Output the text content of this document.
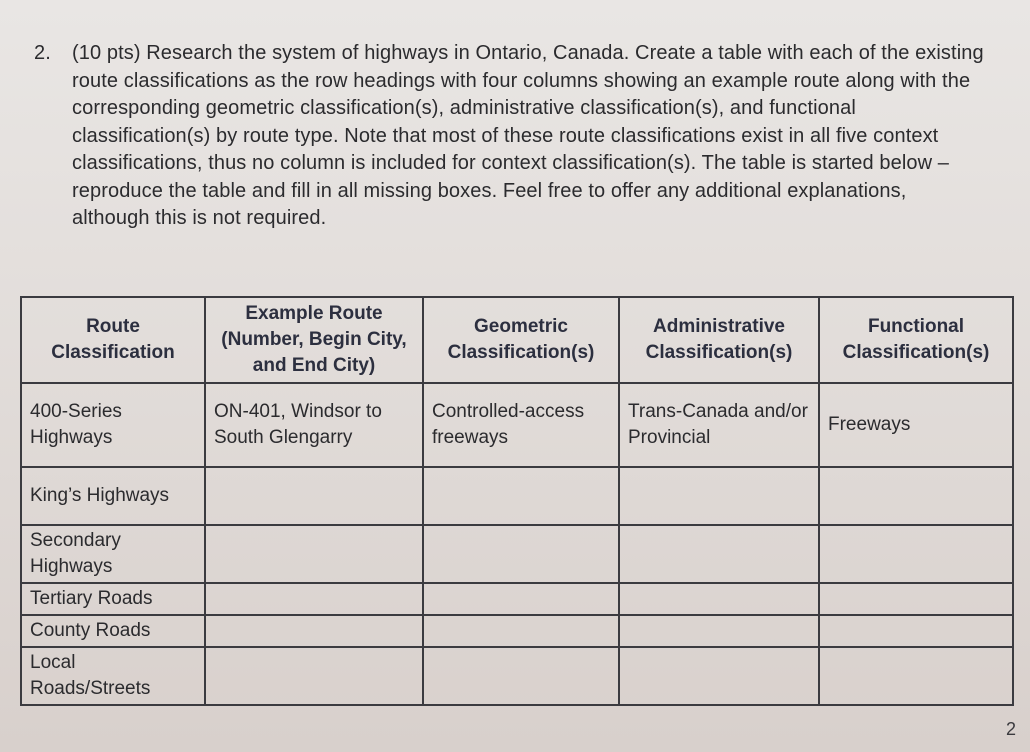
2. (10 pts) Research the system of highways in Ontario, Canada. Create a table with each of the existing route classifications as the row headings with four columns showing an example route along with the corresponding geometric classification(s), administrative classification(s), and functional classification(s) by route type. Note that most of these route classifications exist in all five context classifications, thus no column is included for context classification(s). The table is started below – reproduce the table and fill in all missing boxes. Feel free to offer any additional explanations, although this is not required.
Route Classification	Example Route (Number, Begin City, and End City)	Geometric Classification(s)	Administrative Classification(s)	Functional Classification(s)
400-Series Highways	ON-401, Windsor to South Glengarry	Controlled-access freeways	Trans-Canada and/or Provincial	Freeways
King’s Highways				
Secondary Highways				
Tertiary Roads				
County Roads				
Local Roads/Streets				
2
